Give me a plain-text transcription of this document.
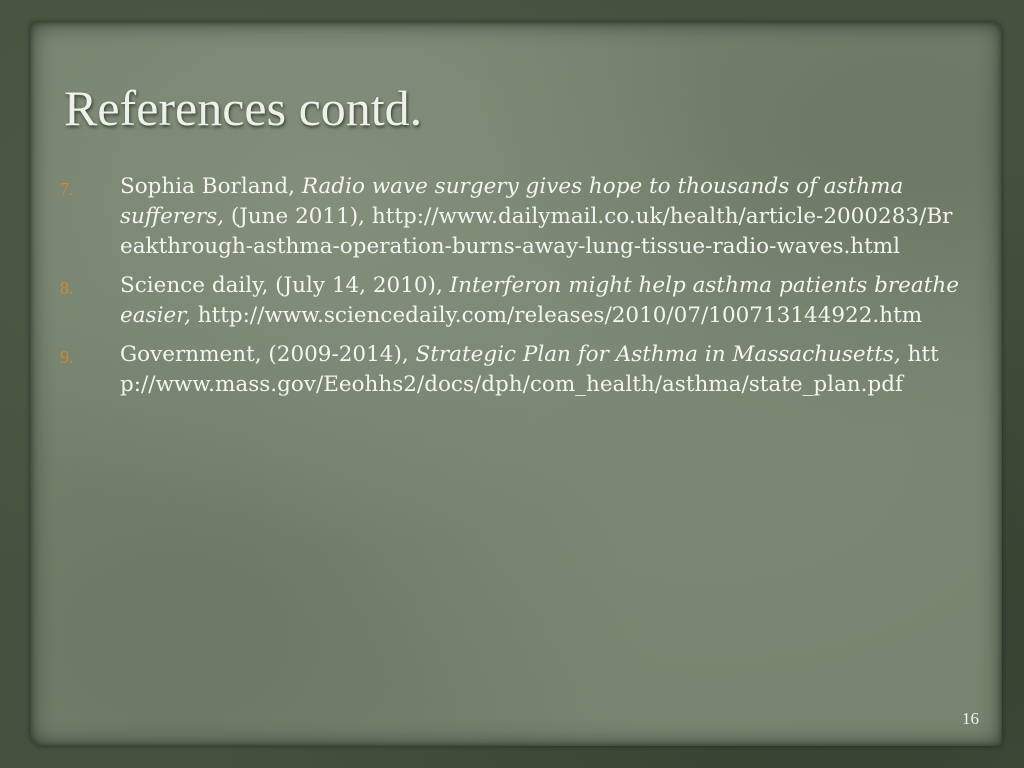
References contd.
7. Sophia Borland, Radio wave surgery gives hope to thousands of asthma sufferers, (June 2011), http://www.dailymail.co.uk/health/article-2000283/Breakthrough-asthma-operation-burns-away-lung-tissue-radio-waves.html
8. Science daily, (July 14, 2010), Interferon might help asthma patients breathe easier, http://www.sciencedaily.com/releases/2010/07/100713144922.htm
9. Government, (2009-2014), Strategic Plan for Asthma in Massachusetts, http://www.mass.gov/Eeohhs2/docs/dph/com_health/asthma/state_plan.pdf
16
